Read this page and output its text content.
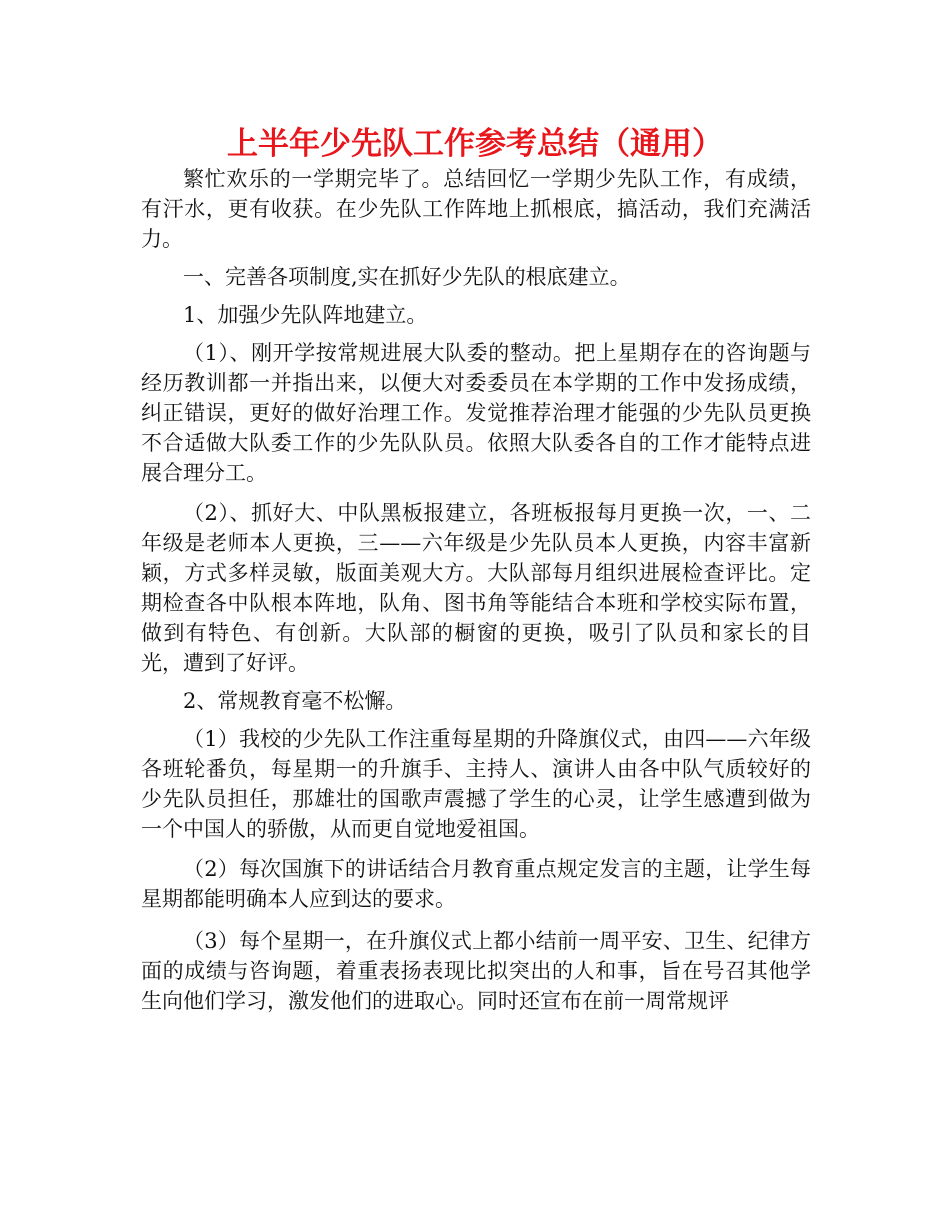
上半年少先队工作参考总结（通用）

繁忙欢乐的一学期完毕了。总结回忆一学期少先队工作，有成绩，有汗水，更有收获。在少先队工作阵地上抓根底，搞活动，我们充满活力。

一、完善各项制度,实在抓好少先队的根底建立。

1、加强少先队阵地建立。

（1）、刚开学按常规进展大队委的整动。把上星期存在的咨询题与经历教训都一并指出来，以便大对委委员在本学期的工作中发扬成绩，纠正错误，更好的做好治理工作。发觉推荐治理才能强的少先队员更换不合适做大队委工作的少先队队员。依照大队委各自的工作才能特点进展合理分工。

（2）、抓好大、中队黑板报建立，各班板报每月更换一次，一、二年级是老师本人更换，三——六年级是少先队员本人更换，内容丰富新颖，方式多样灵敏，版面美观大方。大队部每月组织进展检查评比。定期检查各中队根本阵地，队角、图书角等能结合本班和学校实际布置，做到有特色、有创新。大队部的橱窗的更换，吸引了队员和家长的目光，遭到了好评。

2、常规教育毫不松懈。

（1）我校的少先队工作注重每星期的升降旗仪式，由四——六年级各班轮番负，每星期一的升旗手、主持人、演讲人由各中队气质较好的少先队员担任，那雄壮的国歌声震撼了学生的心灵，让学生感遭到做为一个中国人的骄傲，从而更自觉地爱祖国。

（2）每次国旗下的讲话结合月教育重点规定发言的主题，让学生每星期都能明确本人应到达的要求。

（3）每个星期一，在升旗仪式上都小结前一周平安、卫生、纪律方面的成绩与咨询题，着重表扬表现比拟突出的人和事，旨在号召其他学生向他们学习，激发他们的进取心。同时还宣布在前一周常规评
